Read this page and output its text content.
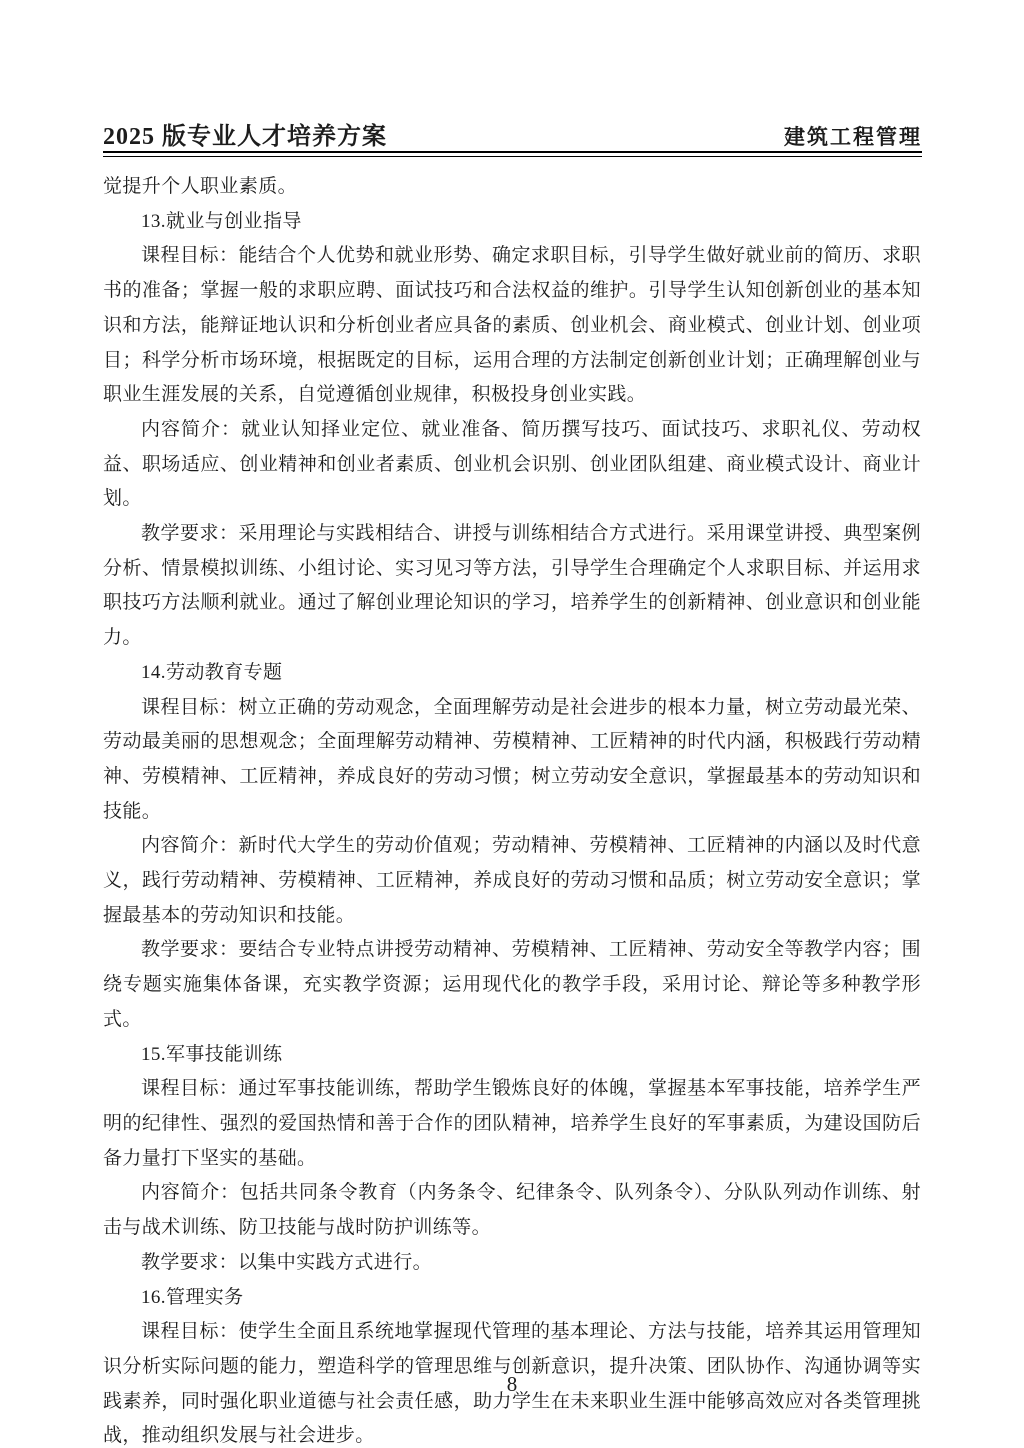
2025 版专业人才培养方案	建筑工程管理

觉提升个人职业素质。

13.就业与创业指导

课程目标：能结合个人优势和就业形势、确定求职目标，引导学生做好就业前的简历、求职书的准备；掌握一般的求职应聘、面试技巧和合法权益的维护。引导学生认知创新创业的基本知识和方法，能辩证地认识和分析创业者应具备的素质、创业机会、商业模式、创业计划、创业项目；科学分析市场环境，根据既定的目标，运用合理的方法制定创新创业计划；正确理解创业与职业生涯发展的关系，自觉遵循创业规律，积极投身创业实践。

内容简介：就业认知择业定位、就业准备、简历撰写技巧、面试技巧、求职礼仪、劳动权益、职场适应、创业精神和创业者素质、创业机会识别、创业团队组建、商业模式设计、商业计划。

教学要求：采用理论与实践相结合、讲授与训练相结合方式进行。采用课堂讲授、典型案例分析、情景模拟训练、小组讨论、实习见习等方法，引导学生合理确定个人求职目标、并运用求职技巧方法顺利就业。通过了解创业理论知识的学习，培养学生的创新精神、创业意识和创业能力。

14.劳动教育专题

课程目标：树立正确的劳动观念，全面理解劳动是社会进步的根本力量，树立劳动最光荣、劳动最美丽的思想观念；全面理解劳动精神、劳模精神、工匠精神的时代内涵，积极践行劳动精神、劳模精神、工匠精神，养成良好的劳动习惯；树立劳动安全意识，掌握最基本的劳动知识和技能。

内容简介：新时代大学生的劳动价值观；劳动精神、劳模精神、工匠精神的内涵以及时代意义，践行劳动精神、劳模精神、工匠精神，养成良好的劳动习惯和品质；树立劳动安全意识；掌握最基本的劳动知识和技能。

教学要求：要结合专业特点讲授劳动精神、劳模精神、工匠精神、劳动安全等教学内容；围绕专题实施集体备课，充实教学资源；运用现代化的教学手段，采用讨论、辩论等多种教学形式。

15.军事技能训练

课程目标：通过军事技能训练，帮助学生锻炼良好的体魄，掌握基本军事技能，培养学生严明的纪律性、强烈的爱国热情和善于合作的团队精神，培养学生良好的军事素质，为建设国防后备力量打下坚实的基础。

内容简介：包括共同条令教育（内务条令、纪律条令、队列条令）、分队队列动作训练、射击与战术训练、防卫技能与战时防护训练等。

教学要求：以集中实践方式进行。

16.管理实务

课程目标：使学生全面且系统地掌握现代管理的基本理论、方法与技能，培养其运用管理知识分析实际问题的能力，塑造科学的管理思维与创新意识，提升决策、团队协作、沟通协调等实践素养，同时强化职业道德与社会责任感，助力学生在未来职业生涯中能够高效应对各类管理挑战，推动组织发展与社会进步。

8
